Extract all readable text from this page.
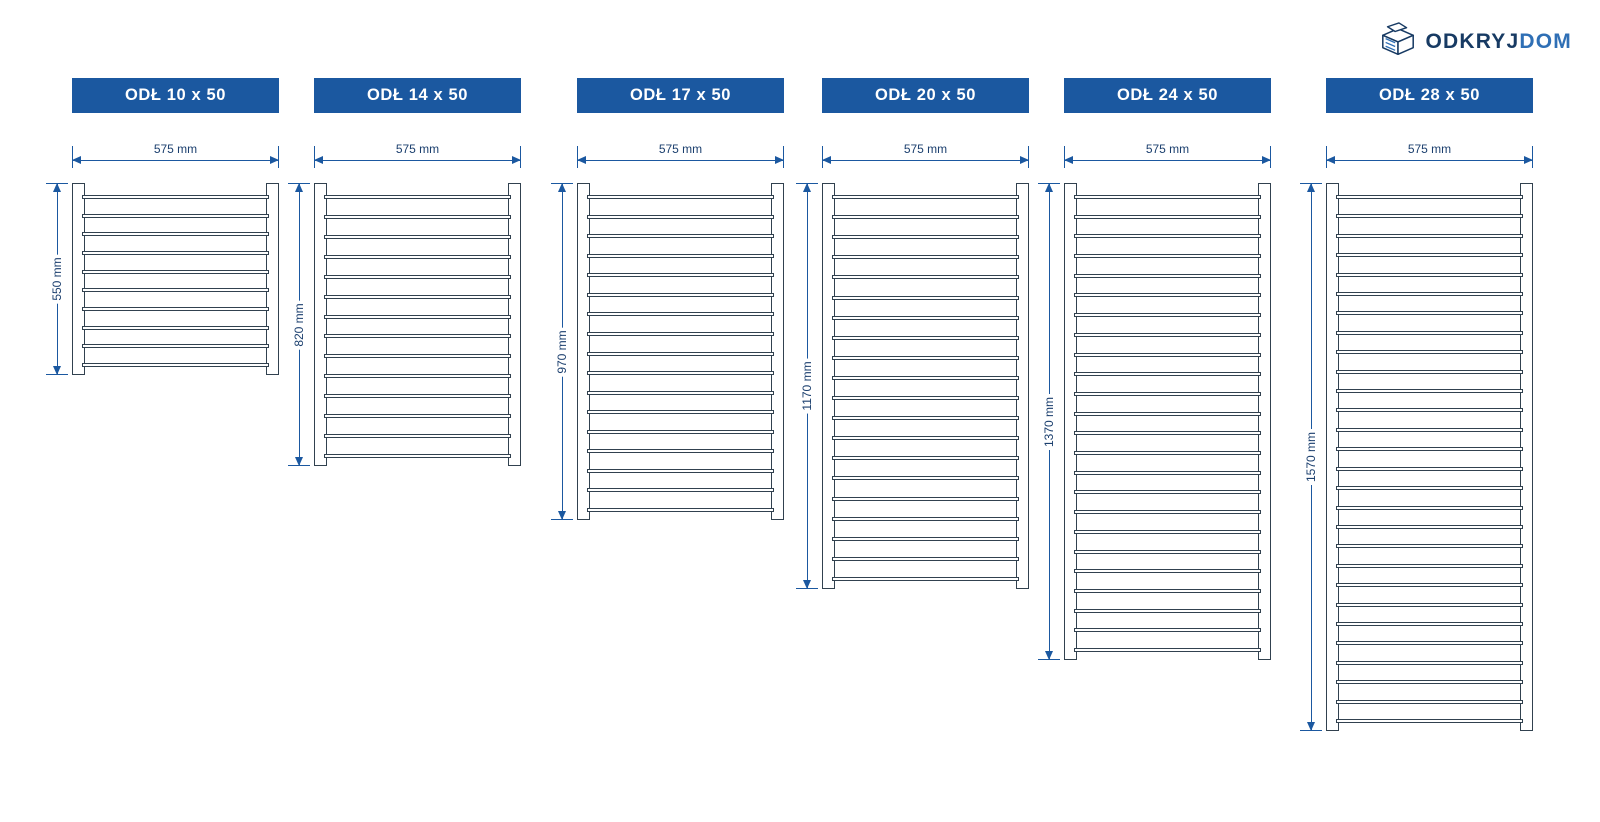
ODKRYJDOM
ODŁ 10 x 50
575 mm
550 mm
ODŁ 14 x 50
575 mm
820 mm
ODŁ 17 x 50
575 mm
970 mm
ODŁ 20 x 50
575 mm
1170 mm
ODŁ 24 x 50
575 mm
1370 mm
ODŁ 28 x 50
575 mm
1570 mm
